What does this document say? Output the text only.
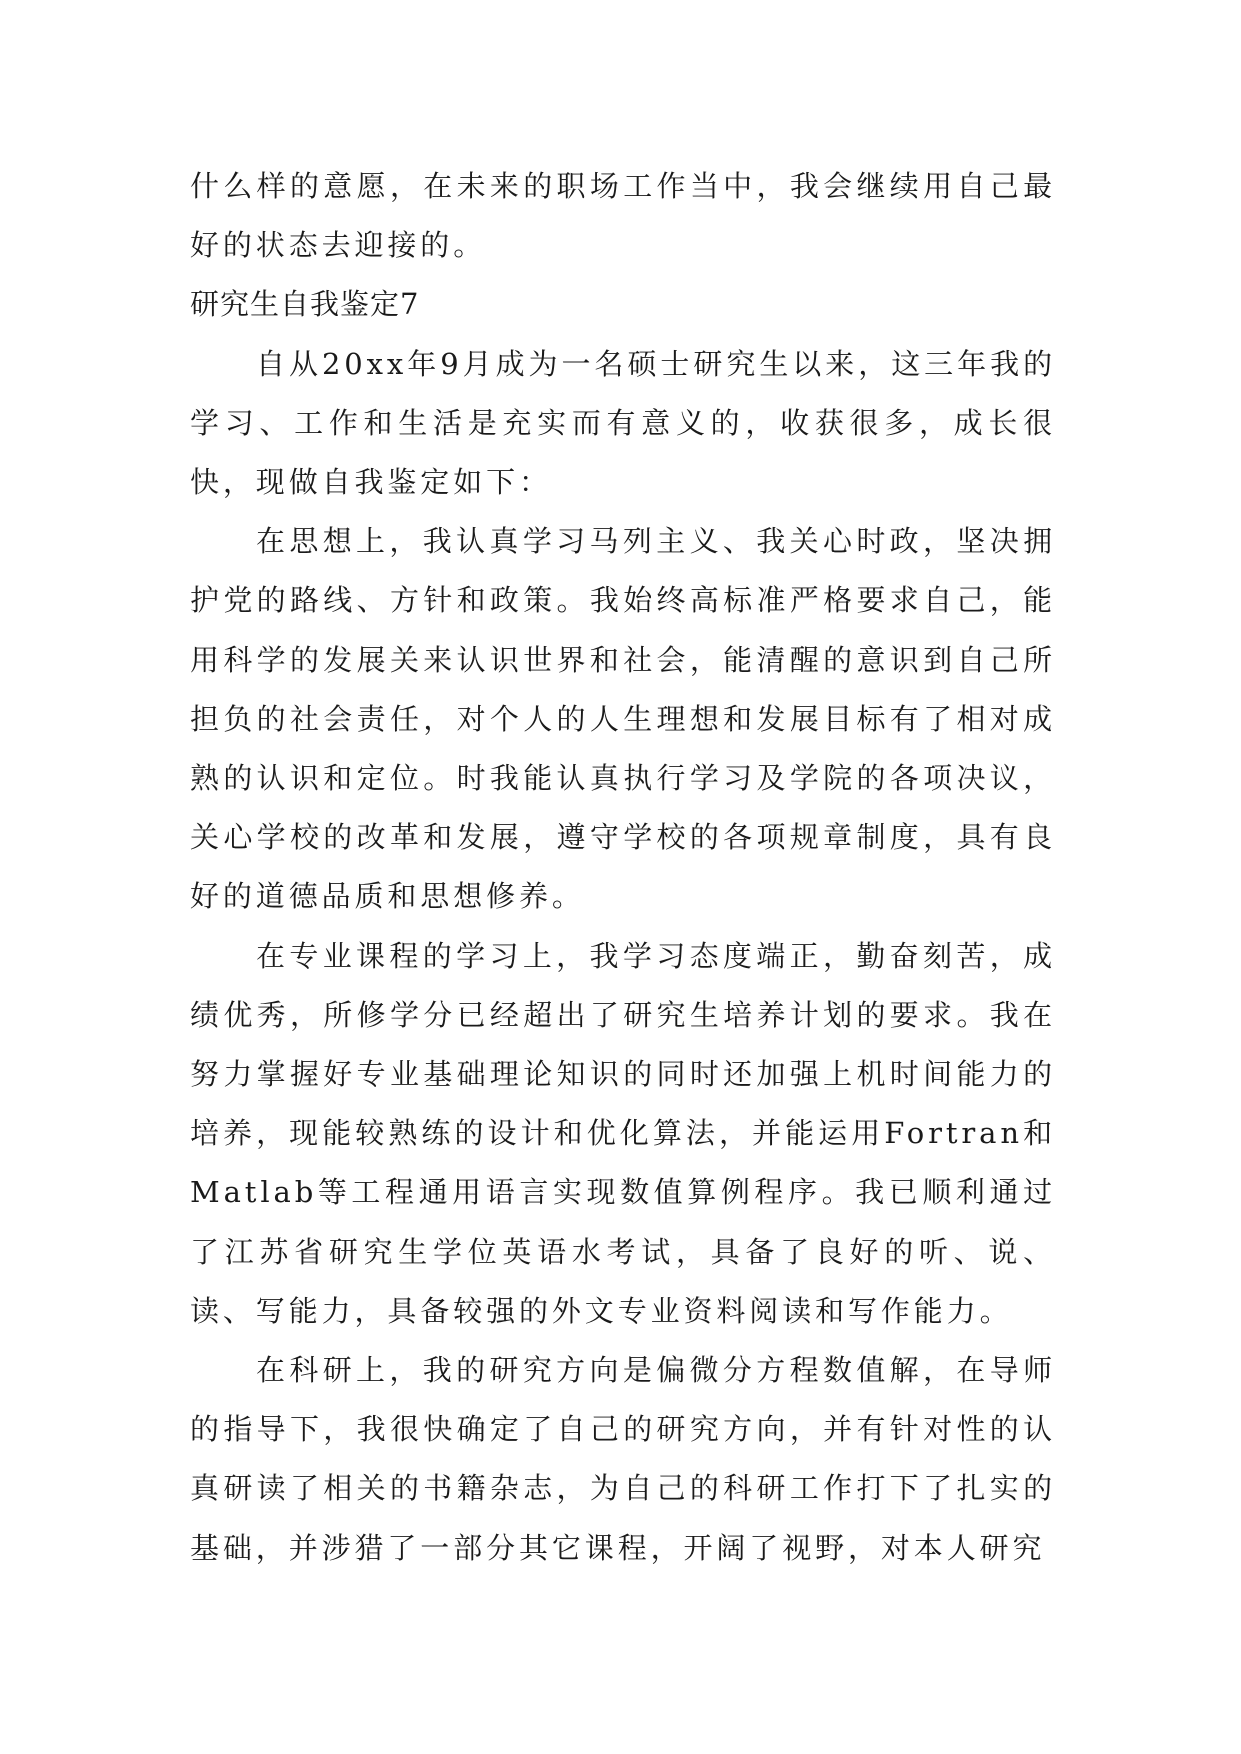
什么样的意愿，在未来的职场工作当中，我会继续用自己最好的状态去迎接的。

研究生自我鉴定7

自从20xx年9月成为一名硕士研究生以来，这三年我的学习、工作和生活是充实而有意义的，收获很多，成长很快，现做自我鉴定如下：

在思想上，我认真学习马列主义、我关心时政，坚决拥护党的路线、方针和政策。我始终高标准严格要求自己，能用科学的发展关来认识世界和社会，能清醒的意识到自己所担负的社会责任，对个人的人生理想和发展目标有了相对成熟的认识和定位。时我能认真执行学习及学院的各项决议，关心学校的改革和发展，遵守学校的各项规章制度，具有良好的道德品质和思想修养。

在专业课程的学习上，我学习态度端正，勤奋刻苦，成绩优秀，所修学分已经超出了研究生培养计划的要求。我在努力掌握好专业基础理论知识的同时还加强上机时间能力的培养，现能较熟练的设计和优化算法，并能运用Fortran和Matlab等工程通用语言实现数值算例程序。我已顺利通过了江苏省研究生学位英语水考试，具备了良好的听、说、读、写能力，具备较强的外文专业资料阅读和写作能力。

在科研上，我的研究方向是偏微分方程数值解，在导师的指导下，我很快确定了自己的研究方向，并有针对性的认真研读了相关的书籍杂志，为自己的科研工作打下了扎实的基础，并涉猎了一部分其它课程，开阔了视野，对本人研究
